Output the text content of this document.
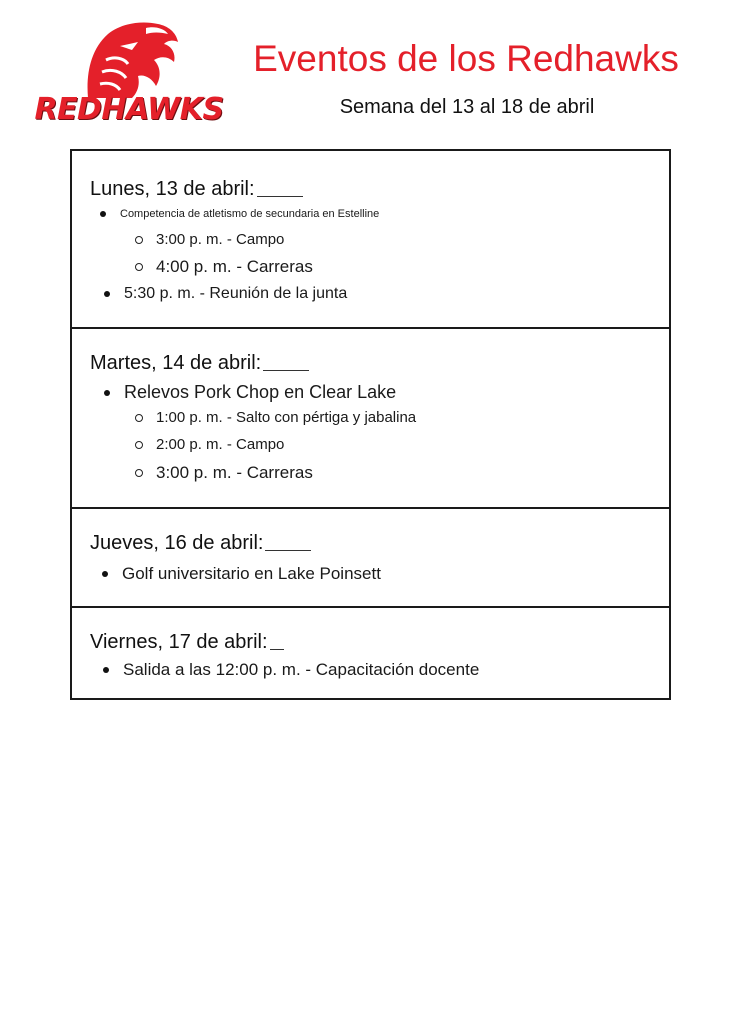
REDHAWKS
Eventos de los Redhawks
Semana del 13 al 18 de abril
Lunes, 13 de abril:
Competencia de atletismo de secundaria en Estelline
3:00 p. m. - Campo
4:00 p. m. - Carreras
5:30 p. m. - Reunión de la junta
Martes, 14 de abril:
Relevos Pork Chop en Clear Lake
1:00 p. m. - Salto con pértiga y jabalina
2:00 p. m. - Campo
3:00 p. m. - Carreras
Jueves, 16 de abril:
Golf universitario en Lake Poinsett
Viernes, 17 de abril:
Salida a las 12:00 p. m. - Capacitación docente
